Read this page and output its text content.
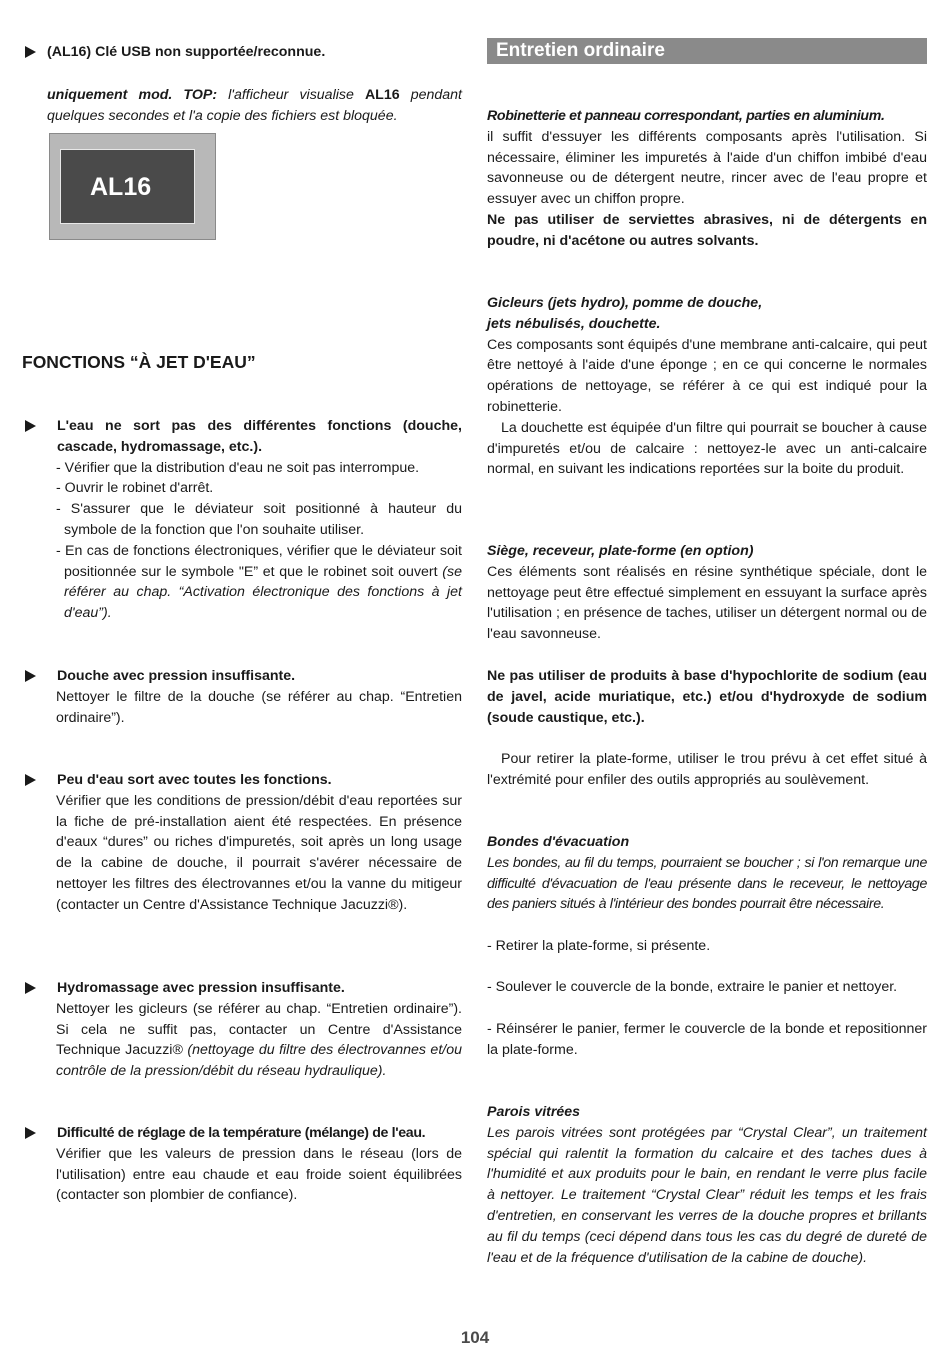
(AL16) Clé USB non supportée/reconnue.

uniquement mod. TOP: l'afficheur visualise AL16 pendant quelques secondes et l'a copie des fichiers est bloquée.

AL16
FONCTIONS “À JET D'EAU”

L'eau ne sort pas des différentes fonctions (douche, cascade, hydromassage, etc.).

- Vérifier que la distribution d'eau ne soit pas interrompue.

- Ouvrir le robinet d'arrêt.

- S'assurer que le déviateur soit positionné à hauteur du symbole de la fonction que l'on souhaite utiliser.

- En cas de fonctions électroniques, vérifier que le déviateur soit positionnée sur le symbole "E” et que le robinet soit ouvert (se référer au chap. “Activation électronique des fonctions à jet d'eau”).

Douche avec pression insuffisante.

Nettoyer le filtre de la douche (se référer au chap. “Entretien ordinaire”).

Peu d'eau sort avec toutes les fonctions.

Vérifier que les conditions de pression/débit d'eau reportées sur la fiche de pré-installation aient été respectées. En présence d'eaux “dures” ou riches d'impuretés, soit après un long usage de la cabine de douche, il pourrait s'avérer nécessaire de nettoyer les filtres des électrovannes et/ou la vanne du mitigeur (contacter un Centre d'Assistance Technique Jacuzzi®).

Hydromassage avec pression insuffisante.

Nettoyer les gicleurs (se référer au chap. “Entretien ordinaire”). Si cela ne suffit pas, contacter un Centre d'Assistance Technique Jacuzzi® (nettoyage du filtre des électrovannes et/ou contrôle de la pression/débit du réseau hydraulique).

Difficulté de réglage de la température (mélange) de l'eau.

Vérifier que les valeurs de pression dans le réseau (lors de l'utilisation) entre eau chaude et eau froide soient équilibrées (contacter son plombier de confiance).

Entretien ordinaire

Robinetterie et panneau correspondant, parties en aluminium.

il suffit d'essuyer les différents composants après l'utilisation. Si nécessaire, éliminer les impuretés à l'aide d'un chiffon imbibé d'eau savonneuse ou de détergent neutre, rincer avec de l'eau propre et essuyer avec un chiffon propre.

Ne pas utiliser de serviettes abrasives, ni de détergents en poudre, ni d'acétone ou autres solvants.

Gicleurs (jets hydro), pomme de douche,

jets nébulisés, douchette.

Ces composants sont équipés d'une membrane anti-calcaire, qui peut être nettoyé à l'aide d'une éponge ; en ce qui concerne le normales opérations de nettoyage, se référer à ce qui est indiqué pour la robinetterie.

La douchette est équipée d'un filtre qui pourrait se boucher à cause d'impuretés et/ou de calcaire : nettoyez-le avec un anti-calcaire normal, en suivant les indications reportées sur la boite du produit.

Siège, receveur, plate-forme (en option)

Ces éléments sont réalisés en résine synthétique spéciale, dont le nettoyage peut être effectué simplement en essuyant la surface après l'utilisation ; en présence de taches, utiliser un détergent normal ou de l'eau savonneuse.

Ne pas utiliser de produits à base d'hypochlorite de sodium (eau de javel, acide muriatique, etc.) et/ou d'hydroxyde de sodium (soude caustique, etc.).

Pour retirer la plate-forme, utiliser le trou prévu à cet effet situé à l'extrémité pour enfiler des outils appropriés au soulèvement.

Bondes d'évacuation

Les bondes, au fil du temps, pourraient se boucher ; si l'on remarque une difficulté d'évacuation de l'eau présente dans le receveur, le nettoyage des paniers situés à l'intérieur des bondes pourrait être nécessaire.

- Retirer la plate-forme, si présente.

- Soulever le couvercle de la bonde, extraire le panier et nettoyer.

- Réinsérer le panier, fermer le couvercle de la bonde et repositionner la plate-forme.

Parois vitrées

Les parois vitrées sont protégées par “Crystal Clear”, un traitement spécial qui ralentit la formation du calcaire et des taches dues à l'humidité et aux produits pour le bain, en rendant le verre plus facile à nettoyer. Le traitement “Crystal Clear” réduit les temps et les frais d'entretien, en conservant les verres de la douche propres et brillants au fil du temps (ceci dépend dans tous les cas du degré de dureté de l'eau et de la fréquence d'utilisation de la cabine de douche).

104
